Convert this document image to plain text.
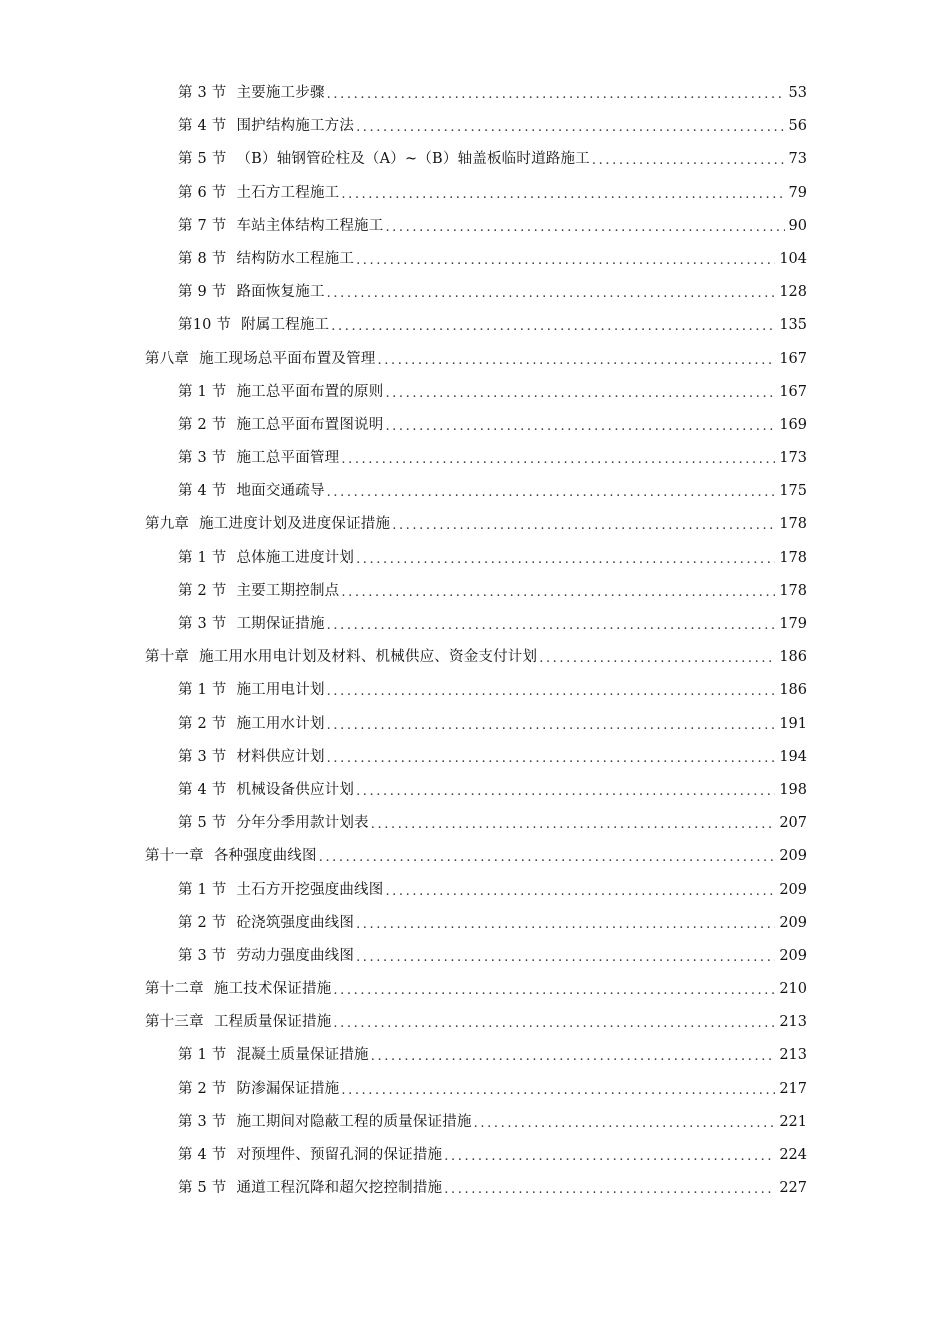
第 3 节 主要施工步骤 .....	53
第 4 节 围护结构施工方法 .....	56
第 5 节 （B）轴钢管砼柱及（A）~（B）轴盖板临时道路施工 .....	73
第 6 节 土石方工程施工 .....	79
第 7 节 车站主体结构工程施工 .....	90
第 8 节 结构防水工程施工 .....	104
第 9 节 路面恢复施工 .....	128
第10 节 附属工程施工 .....	135
第八章 施工现场总平面布置及管理 .....	167
第 1 节 施工总平面布置的原则 .....	167
第 2 节 施工总平面布置图说明 .....	169
第 3 节 施工总平面管理 .....	173
第 4 节 地面交通疏导 .....	175
第九章 施工进度计划及进度保证措施 .....	178
第 1 节 总体施工进度计划 .....	178
第 2 节 主要工期控制点 .....	178
第 3 节 工期保证措施 .....	179
第十章 施工用水用电计划及材料、机械供应、资金支付计划 .....	186
第 1 节 施工用电计划 .....	186
第 2 节 施工用水计划 .....	191
第 3 节 材料供应计划 .....	194
第 4 节 机械设备供应计划 .....	198
第 5 节 分年分季用款计划表 .....	207
第十一章 各种强度曲线图 .....	209
第 1 节 土石方开挖强度曲线图 .....	209
第 2 节 砼浇筑强度曲线图 .....	209
第 3 节 劳动力强度曲线图 .....	209
第十二章 施工技术保证措施 .....	210
第十三章 工程质量保证措施 .....	213
第 1 节 混凝土质量保证措施 .....	213
第 2 节 防渗漏保证措施 .....	217
第 3 节 施工期间对隐蔽工程的质量保证措施 .....	221
第 4 节 对预埋件、预留孔洞的保证措施 .....	224
第 5 节 通道工程沉降和超欠挖控制措施 .....	227
